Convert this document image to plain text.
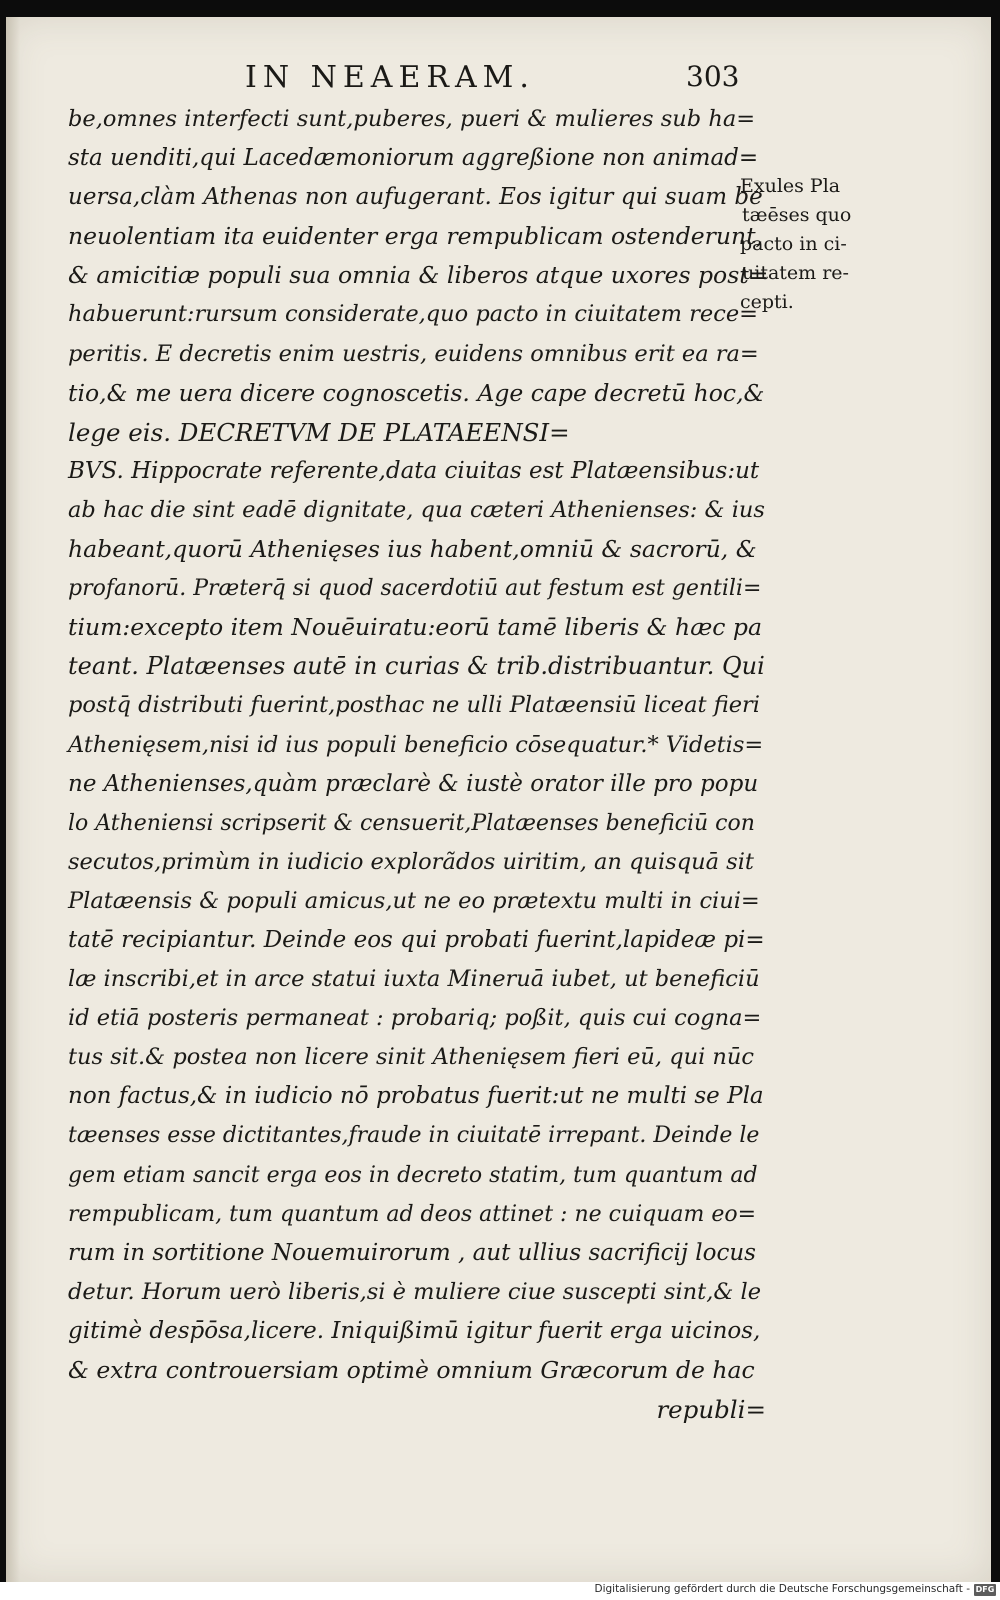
IN NEAERAM.	303
be,omnes interfecti sunt,puberes, pueri & mulieres sub ha=
sta uenditi,qui Lacedæmoniorum aggreßione non animad=
uersa,clàm Athenas non aufugerant. Eos igitur qui suam be
neuolentiam ita euidenter erga rempublicam ostenderunt,
& amicitiæ populi sua omnia & liberos atque uxores post=
habuerunt:rursum considerate,quo pacto in ciuitatem rece=
peritis. E decretis enim uestris, euidens omnibus erit ea ra=
tio,& me uera dicere cognoscetis. Age cape decretū hoc,&
lege eis. DECRETVM DE PLATAEENSI=
BVS. Hippocrate referente,data ciuitas est Platæensibus:ut
ab hac die sint eadē dignitate, qua cæteri Athenienses: & ius
habeant,quorū Athenięses ius habent,omniū & sacrorū, &
profanorū. Præterq̄ si quod sacerdotiū aut festum est gentili=
tium:excepto item Nouēuiratu:eorū tamē liberis & hæc pa
teant. Platæenses autē in curias & trib.distribuantur. Qui
postq̄ distributi fuerint,posthac ne ulli Platæensiū liceat fieri
Athenięsem,nisi id ius populi beneficio cōsequatur.* Videtis=
ne Athenienses,quàm præclarè & iustè orator ille pro popu
lo Atheniensi scripserit & censuerit,Platæenses beneficiū con
secutos,primùm in iudicio explorãdos uiritim, an quisquā sit
Platæensis & populi amicus,ut ne eo prætextu multi in ciui=
tatē recipiantur. Deinde eos qui probati fuerint,lapideæ pi=
læ inscribi,et in arce statui iuxta Mineruā iubet, ut beneficiū
id etiā posteris permaneat : probariq; poßit, quis cui cogna=
tus sit.& postea non licere sinit Athenięsem fieri eū, qui nūc
non factus,& in iudicio nō probatus fuerit:ut ne multi se Pla
tæenses esse dictitantes,fraude in ciuitatē irrepant. Deinde le
gem etiam sancit erga eos in decreto statim, tum quantum ad
rempublicam, tum quantum ad deos attinet : ne cuiquam eo=
rum in sortitione Nouemuirorum , aut ullius sacrificij locus
detur. Horum uerò liberis,si è muliere ciue suscepti sint,& le
gitimè desp̄ōsa,licere. Iniquißimū igitur fuerit erga uicinos,
& extra controuersiam optimè omnium Græcorum de hac
republi=
Exules Pla
tæēses quo
pacto in ci-
uitatem re-
cepti.
Digitalisierung gefördert durch die Deutsche Forschungsgemeinschaft - DFG
